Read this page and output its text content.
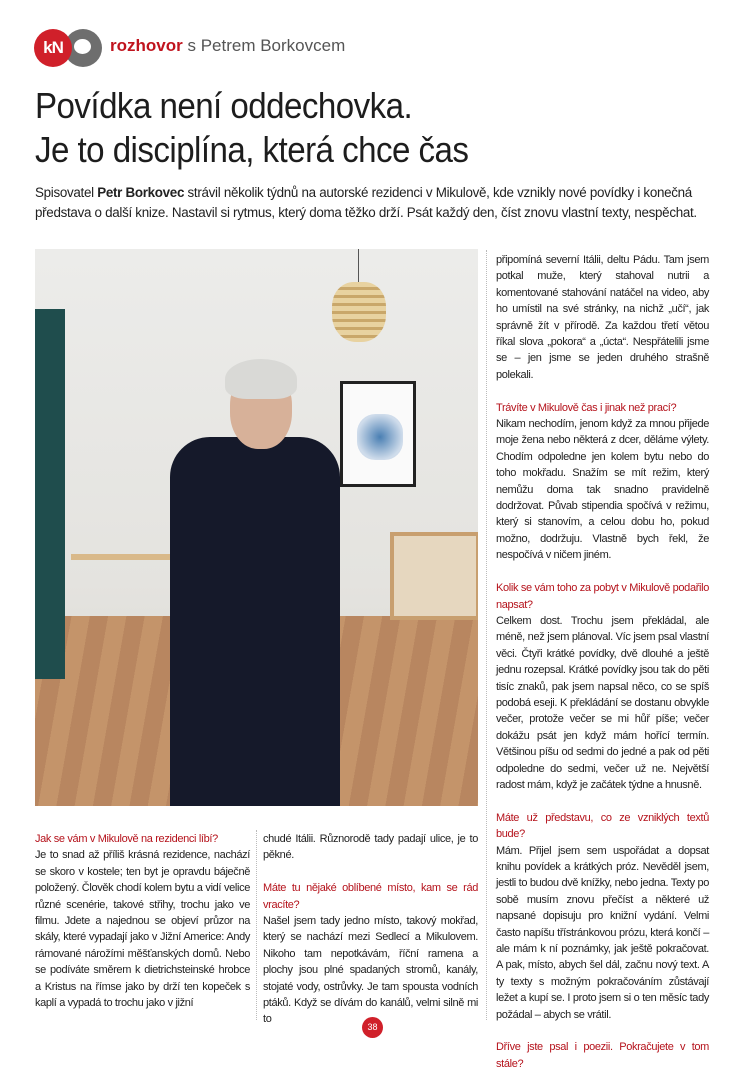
kN	rozhovor s Petrem Borkovcem
Povídka není oddechovka.
Je to disciplína, která chce čas
Spisovatel Petr Borkovec strávil několik týdnů na autorské rezidenci v Mikulově, kde vznikly nové povídky i konečná představa o další knize. Nastavil si rytmus, který doma těžko drží. Psát každý den, číst znovu vlastní texty, nespěchat.
Jak se vám v Mikulově na rezidenci líbí?

Je to snad až příliš krásná rezidence, nachází se skoro v kostele; ten byt je opravdu báječně položený. Člověk chodí kolem bytu a vidí velice různé scenérie, takové střihy, trochu jako ve filmu. Jdete a najednou se objeví průzor na skály, které vypadají jako v Jižní Americe: Andy rámované nárožími měšťanských domů. Nebo se podíváte směrem k dietrichsteinské hrobce a Kristus na římse jako by drží ten kopeček s kaplí a vypadá to trochu jako v jižní

chudé Itálii. Různorodě tady padají ulice, je to pěkné.

Máte tu nějaké oblíbené místo, kam se rád vracíte?

Našel jsem tady jedno místo, takový mokřad, který se nachází mezi Sedlecí a Mikulovem. Nikoho tam nepotkávám, říční ramena a plochy jsou plné spadaných stromů, kanály, stojaté vody, ostrůvky. Je tam spousta vodních ptáků. Když se dívám do kanálů, velmi silně mi to

připomíná severní Itálii, deltu Pádu. Tam jsem potkal muže, který stahoval nutrii a komentované stahování natáčel na video, aby ho umístil na své stránky, na nichž „učí“, jak správně žít v přírodě. Za každou třetí větou říkal slova „pokora“ a „úcta“. Nespřátelili jsme se – jen jsme se jeden druhého strašně polekali.

Trávíte v Mikulově čas i jinak než prací?

Nikam nechodím, jenom když za mnou přijede moje žena nebo některá z dcer, děláme výlety. Chodím odpoledne jen kolem bytu nebo do toho mokřadu. Snažím se mít režim, který nemůžu doma tak snadno pravidelně dodržovat. Půvab stipendia spočívá v režimu, který si stanovím, a celou dobu ho, pokud možno, dodržuju. Vlastně bych řekl, že nespočívá v ničem jiném.

Kolik se vám toho za pobyt v Mikulově podařilo napsat?

Celkem dost. Trochu jsem překládal, ale méně, než jsem plánoval. Víc jsem psal vlastní věci. Čtyři krátké povídky, dvě dlouhé a ještě jednu rozepsal. Krátké povídky jsou tak do pěti tisíc znaků, pak jsem napsal něco, co se spíš podobá eseji. K překládání se dostanu obvykle večer, protože večer se mi hůř píše; večer dokážu psát jen když mám hořící termín. Většinou píšu od sedmi do jedné a pak od pěti odpoledne do sedmi, večer už ne. Největší radost mám, když je začátek týdne a hnusně.

Máte už představu, co ze vzniklých textů bude?

Mám. Přijel jsem sem uspořádat a dopsat knihu povídek a krátkých próz. Nevěděl jsem, jestli to budou dvě knížky, nebo jedna. Texty po sobě musím znovu přečíst a některé už napsané dopisuju pro knižní vydání. Velmi často napíšu třístránkovou prózu, která končí – ale mám k ní poznámky, jak ještě pokračovat. A pak, místo, abych šel dál, začnu nový text. A ty texty s možným pokračováním zůstávají ležet a kupí se. I proto jsem si o ten měsíc tady požádal – abych se vrátil.

Dříve jste psal i poezii. Pokračujete v tom stále?
38
